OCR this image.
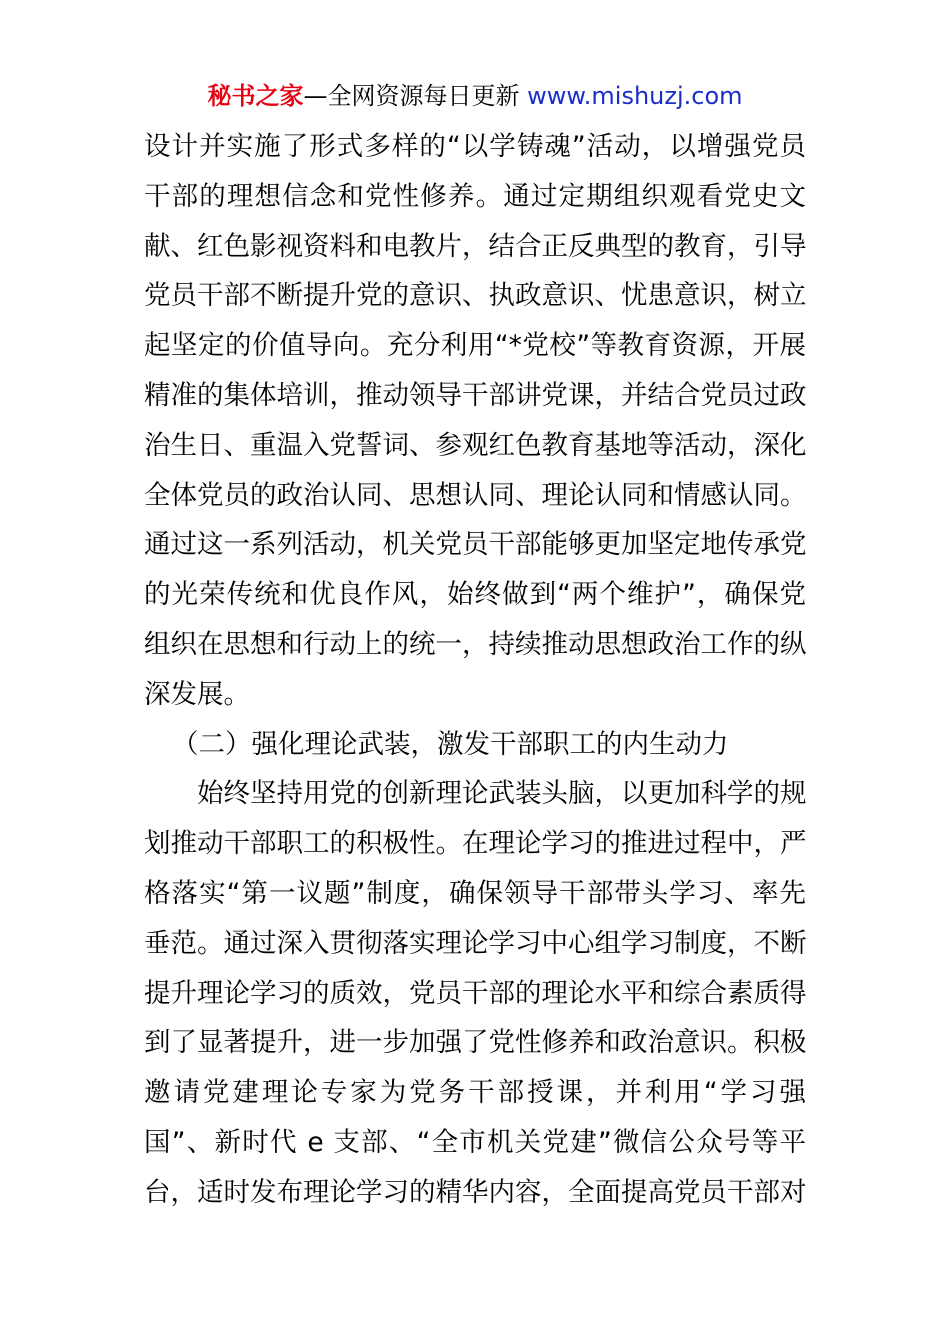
秘书之家—全网资源每日更新 www.mishuzj.com
设计并实施了形式多样的“以学铸魂”活动，以增强党员
干部的理想信念和党性修养。通过定期组织观看党史文
献、红色影视资料和电教片，结合正反典型的教育，引导
党员干部不断提升党的意识、执政意识、忧患意识，树立
起坚定的价值导向。充分利用“*党校”等教育资源，开展
精准的集体培训，推动领导干部讲党课，并结合党员过政
治生日、重温入党誓词、参观红色教育基地等活动，深化
全体党员的政治认同、思想认同、理论认同和情感认同。
通过这一系列活动，机关党员干部能够更加坚定地传承党
的光荣传统和优良作风，始终做到“两个维护”，确保党
组织在思想和行动上的统一，持续推动思想政治工作的纵
深发展。
（二）强化理论武装，激发干部职工的内生动力
始终坚持用党的创新理论武装头脑，以更加科学的规
划推动干部职工的积极性。在理论学习的推进过程中，严
格落实“第一议题”制度，确保领导干部带头学习、率先
垂范。通过深入贯彻落实理论学习中心组学习制度，不断
提升理论学习的质效，党员干部的理论水平和综合素质得
到了显著提升，进一步加强了党性修养和政治意识。积极
邀请党建理论专家为党务干部授课，并利用“学习强
国”、新时代 e 支部、“全市机关党建”微信公众号等平
台，适时发布理论学习的精华内容，全面提高党员干部对
